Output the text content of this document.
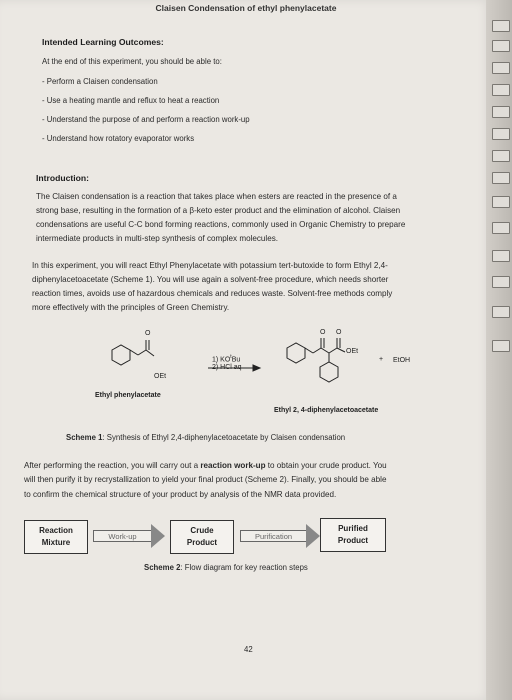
Claisen Condensation of ethyl phenylacetate
Intended Learning Outcomes:
At the end of this experiment, you should be able to:
- Perform a Claisen condensation
- Use a heating mantle and reflux to heat a reaction
- Understand the purpose of and perform a reaction work-up
- Understand how rotatory evaporator works
Introduction:
The Claisen condensation is a reaction that takes place when esters are reacted in the presence of a
strong base, resulting in the formation of a β-keto ester product and the elimination of alcohol. Claisen
condensations are useful C-C bond forming reactions, commonly used in Organic Chemistry to prepare
intermediate products in multi-step synthesis of complex molecules.
In this experiment, you will react Ethyl Phenylacetate with potassium tert-butoxide to form Ethyl 2,4-
diphenylacetoacetate (Scheme 1). You will use again a solvent-free procedure, which needs shorter
reaction times, avoids use of hazardous chemicals and reduces waste. Solvent-free methods comply
more effectively with the principles of Green Chemistry.
O	O O
OEt
OEt
1) $KO^tBu$
2) HCl aq
+ EtOH
Ethyl phenylacetate
Ethyl 2, 4-diphenylacetoacetate
Scheme 1: Synthesis of Ethyl 2,4-diphenylacetoacetate by Claisen condensation
After performing the reaction, you will carry out a reaction work-up to obtain your crude product. You
will then purify it by recrystallization to yield your final product (Scheme 2). Finally, you should be able
to confirm the chemical structure of your product by analysis of the NMR data provided.
Reaction
Mixture
Work-up
Crude
Product
Purification
Purified
Product
Scheme 2: Flow diagram for key reaction steps
42
